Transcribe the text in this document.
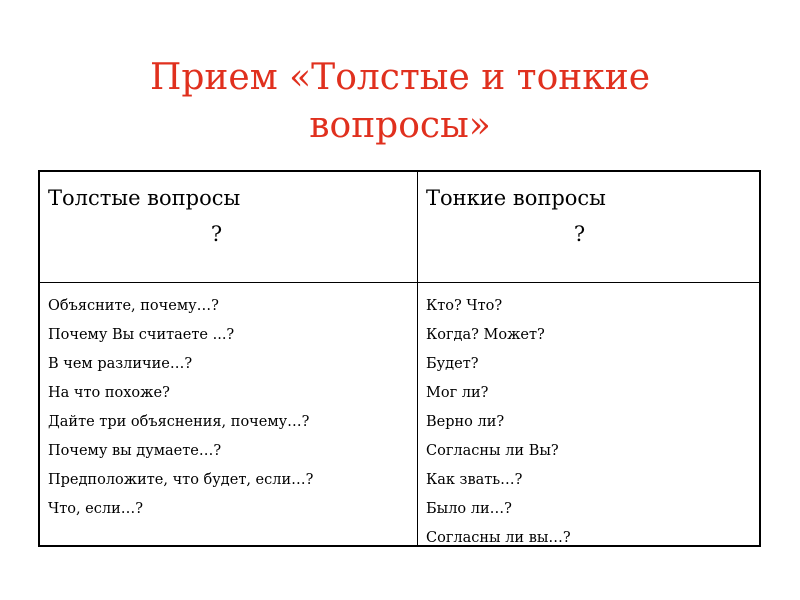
Прием «Толстые и тонкие
вопросы»
Толстые вопросы
?
Тонкие вопросы
?
Объясните, почему…?
Почему Вы считаете ...?
В чем различие…?
На что похоже?
Дайте три объяснения, почему…?
Почему вы думаете…?
Предположите, что будет, если…?
Что, если…?
Кто? Что?
Когда? Может?
Будет?
Мог ли?
Верно ли?
Согласны ли Вы?
Как звать…?
Было ли…?
Согласны ли вы…?
